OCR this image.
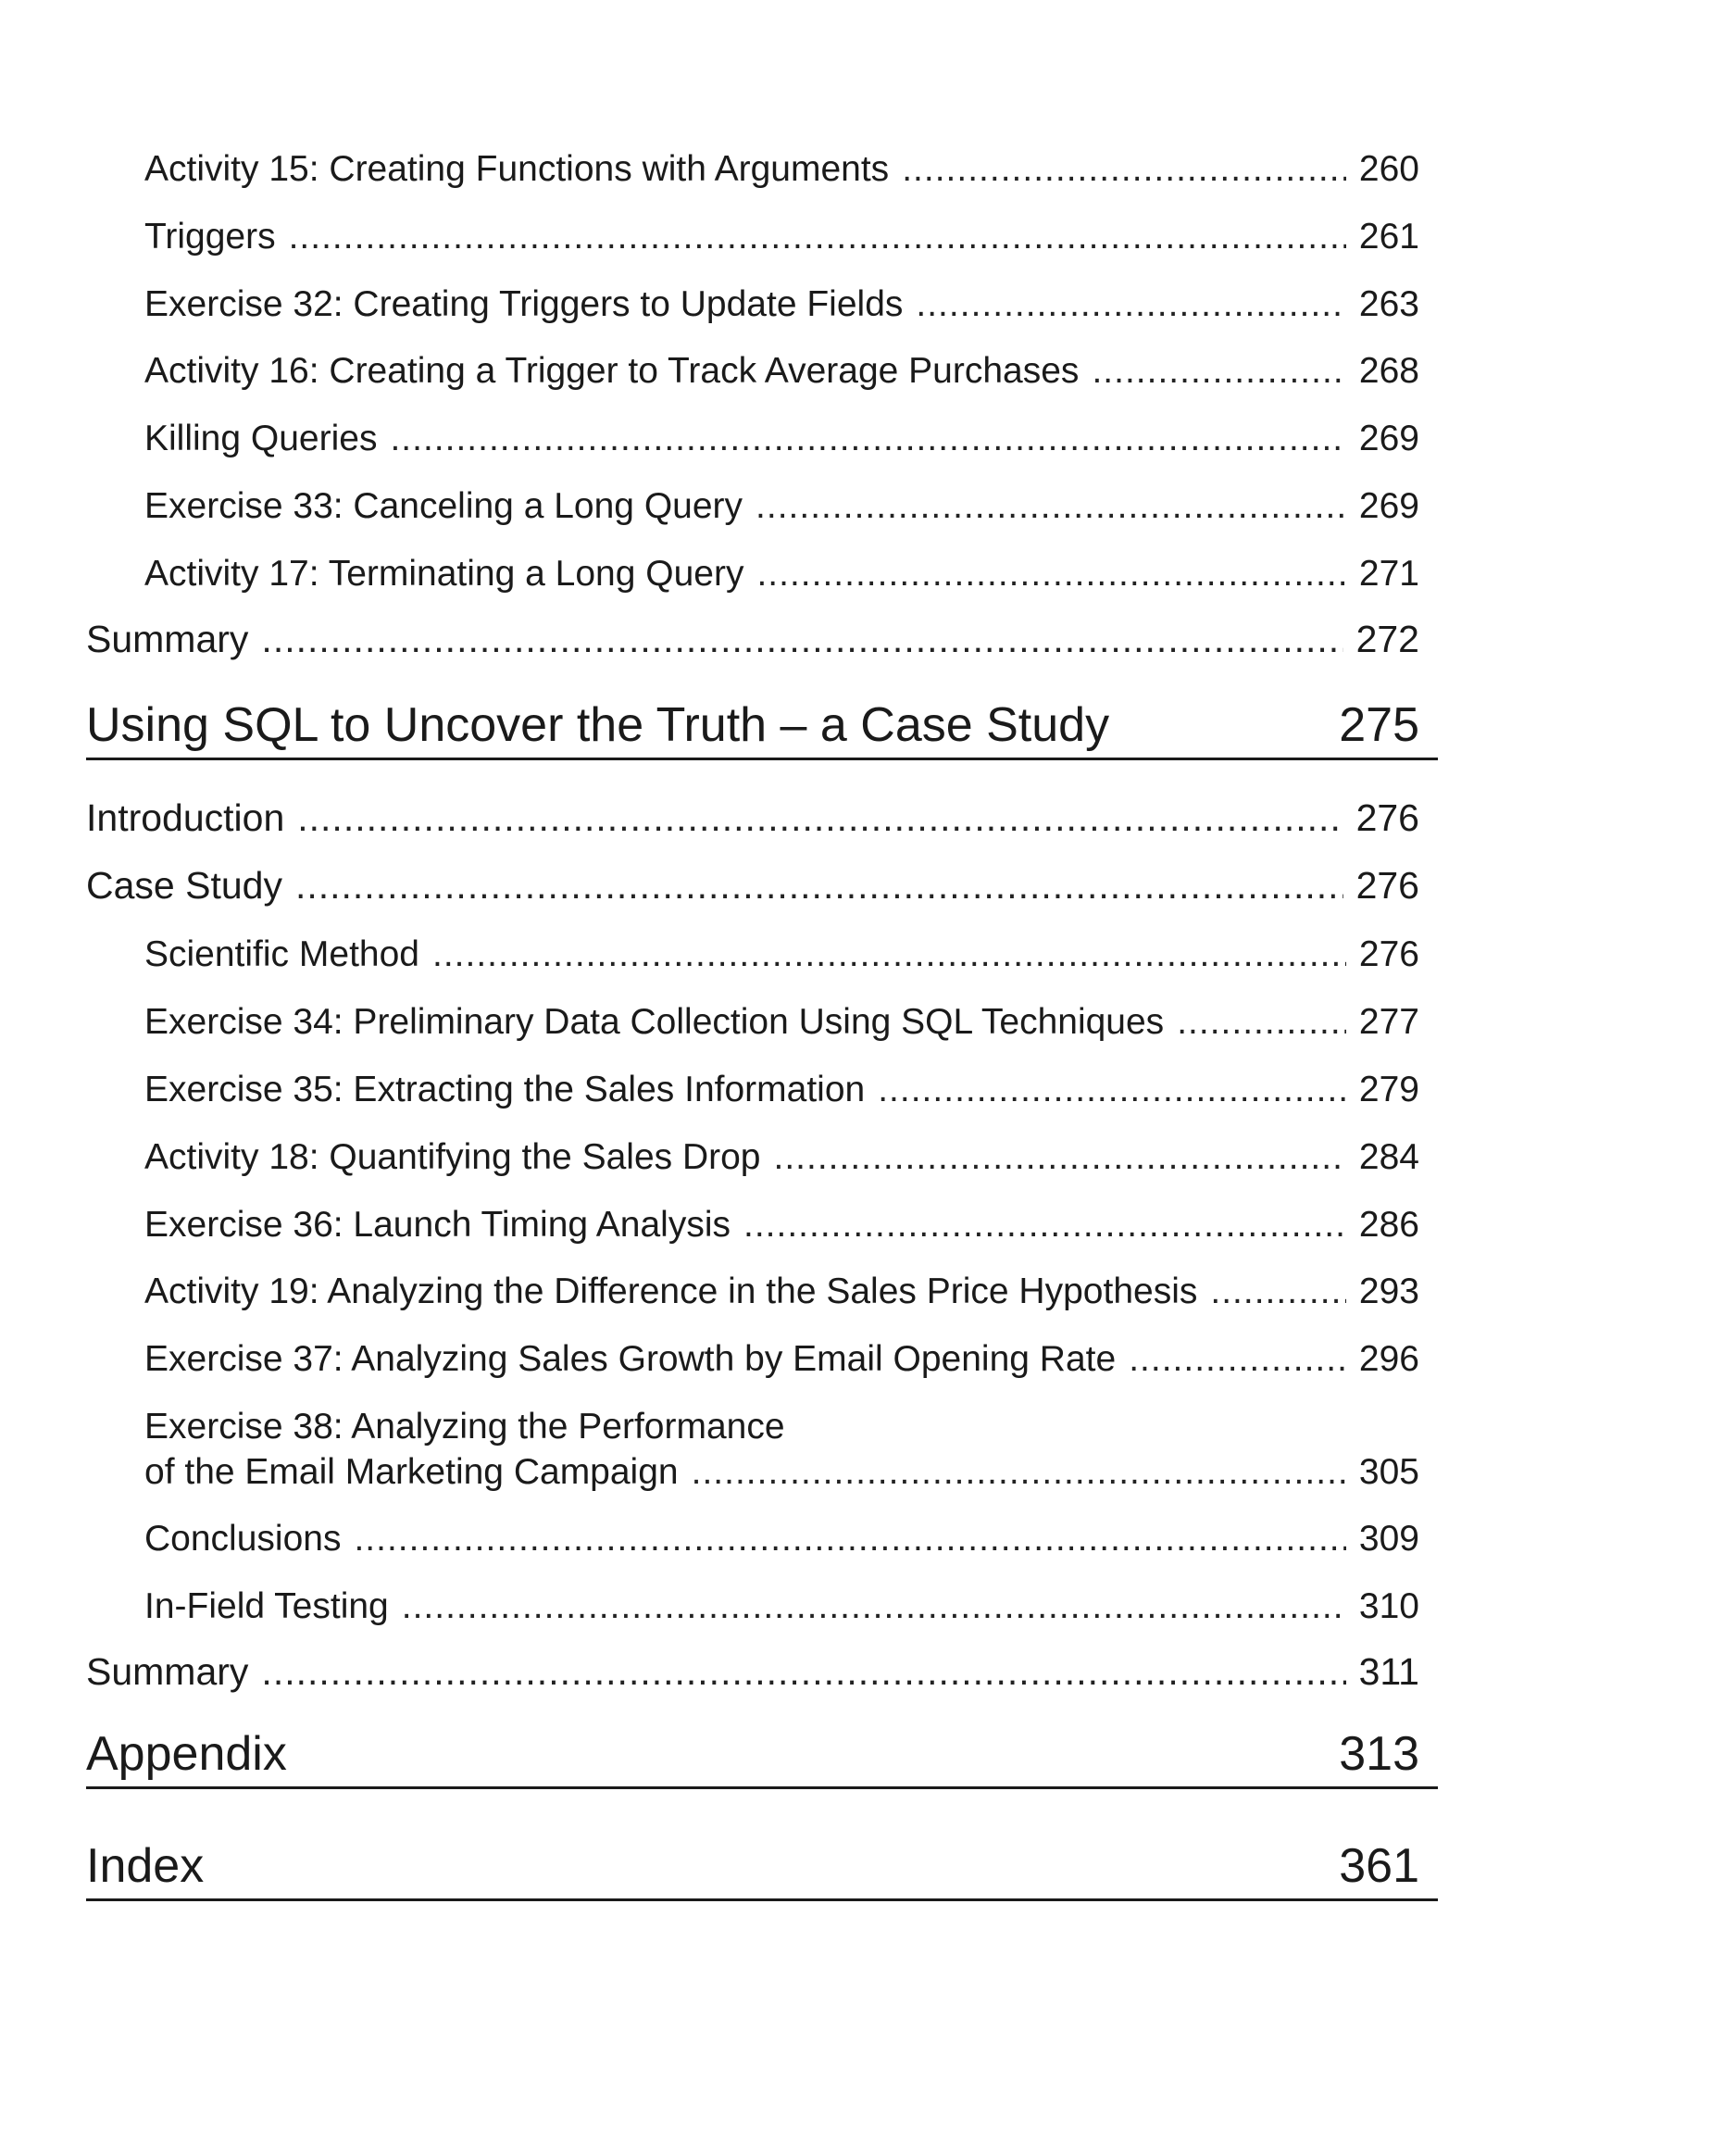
Activity 15: Creating Functions with Arguments .....	260
Triggers .....	261
Exercise 32: Creating Triggers to Update Fields .....	263
Activity 16: Creating a Trigger to Track Average Purchases .....	268
Killing Queries .....	269
Exercise 33: Canceling a Long Query .....	269
Activity 17: Terminating a Long Query .....	271
Summary .....	272
Using SQL to Uncover the Truth – a Case Study	275
Introduction .....	276
Case Study .....	276
Scientific Method .....	276
Exercise 34: Preliminary Data Collection Using SQL Techniques .....	277
Exercise 35: Extracting the Sales Information .....	279
Activity 18: Quantifying the Sales Drop .....	284
Exercise 36: Launch Timing Analysis .....	286
Activity 19: Analyzing the Difference in the Sales Price Hypothesis .....	293
Exercise 37: Analyzing Sales Growth by Email Opening Rate .....	296
Exercise 38: Analyzing the Performance
of the Email Marketing Campaign .....	305
Conclusions .....	309
In-Field Testing .....	310
Summary .....	311
Appendix	313
Index	361
